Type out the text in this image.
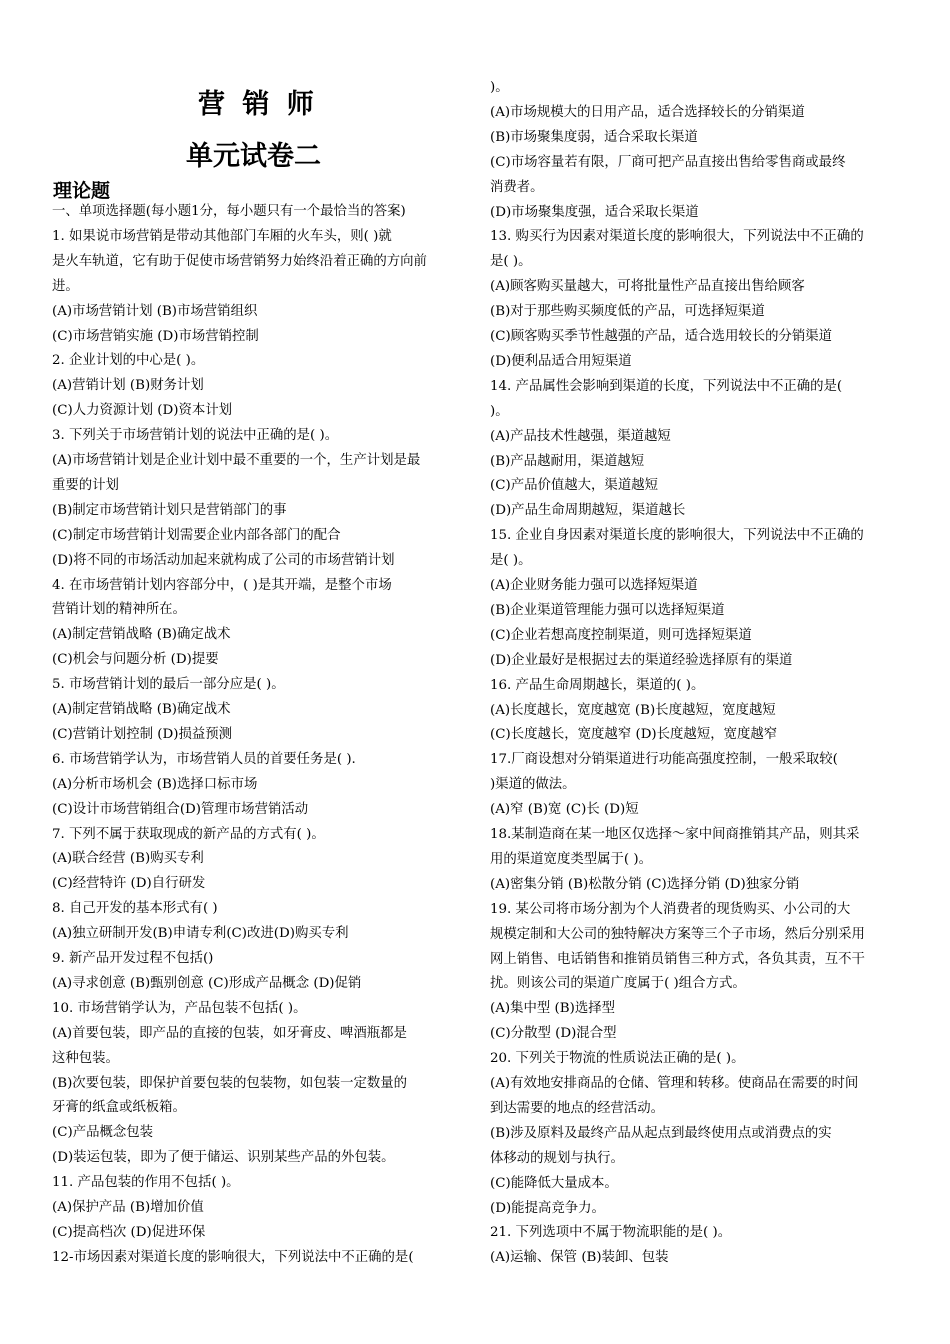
营 销 师
单元试卷二
理论题
一、单项选择题(每小题1分，每小题只有一个最恰当的答案)
1. 如果说市场营销是带动其他部门车厢的火车头，则( )就
是火车轨道，它有助于促使市场营销努力始终沿着正确的方向前
进。
(A)市场营销计划 (B)市场营销组织
(C)市场营销实施 (D)市场营销控制
2. 企业计划的中心是( )。
(A)营销计划 (B)财务计划
(C)人力资源计划 (D)资本计划
3. 下列关于市场营销计划的说法中正确的是( )。
(A)市场营销计划是企业计划中最不重要的一个，生产计划是最
重要的计划
(B)制定市场营销计划只是营销部门的事
(C)制定市场营销计划需要企业内部各部门的配合
(D)将不同的市场活动加起来就构成了公司的市场营销计划
4. 在市场营销计划内容部分中，( )是其开端，是整个市场
营销计划的精神所在。
(A)制定营销战略 (B)确定战术
(C)机会与问题分析 (D)提要
5. 市场营销计划的最后一部分应是( )。
(A)制定营销战略 (B)确定战术
(C)营销计划控制 (D)损益预测
6. 市场营销学认为，市场营销人员的首要任务是( ).
(A)分析市场机会 (B)选择口标市场
(C)设计市场营销组合(D)管理市场营销活动
7. 下列不属于获取现成的新产品的方式有( )。
(A)联合经营 (B)购买专利
(C)经营特许 (D)自行研发
8. 自己开发的基本形式有( )
(A)独立研制开发(B)申请专利(C)改进(D)购买专利
9. 新产品开发过程不包括()
(A)寻求创意 (B)甄别创意 (C)形成产品概念 (D)促销
10. 市场营销学认为，产品包装不包括( )。
(A)首要包装，即产品的直接的包装，如牙膏皮、啤酒瓶都是
这种包装。
(B)次要包装，即保护首要包装的包装物，如包装一定数量的
牙膏的纸盒或纸板箱。
(C)产品概念包装
(D)装运包装，即为了便于储运、识别某些产品的外包装。
11. 产品包装的作用不包括( )。
(A)保护产品 (B)增加价值
(C)提高档次 (D)促进环保
12-市场因素对渠道长度的影响很大，下列说法中不正确的是(
)。
(A)市场规模大的日用产品，适合选择较长的分销渠道
(B)市场聚集度弱，适合采取长渠道
(C)市场容量若有限，厂商可把产品直接出售给零售商或最终
消费者。
(D)市场聚集度强，适合采取长渠道
13. 购买行为因素对渠道长度的影响很大，下列说法中不正确的
是( )。
(A)顾客购买量越大，可将批量性产品直接出售给顾客
(B)对于那些购买频度低的产品，可选择短渠道
(C)顾客购买季节性越强的产品，适合选用较长的分销渠道
(D)便利品适合用短渠道
14. 产品属性会影响到渠道的长度，下列说法中不正确的是(
)。
(A)产品技术性越强，渠道越短
(B)产品越耐用，渠道越短
(C)产品价值越大，渠道越短
(D)产品生命周期越短，渠道越长
15. 企业自身因素对渠道长度的影响很大，下列说法中不正确的
是( )。
(A)企业财务能力强可以选择短渠道
(B)企业渠道管理能力强可以选择短渠道
(C)企业若想高度控制渠道，则可选择短渠道
(D)企业最好是根据过去的渠道经验选择原有的渠道
16. 产品生命周期越长，渠道的( )。
(A)长度越长，宽度越宽 (B)长度越短，宽度越短
(C)长度越长，宽度越窄 (D)长度越短，宽度越窄
17.厂商设想对分销渠道进行功能高强度控制，一般采取较(
)渠道的做法。
(A)窄 (B)宽 (C)长 (D)短
18.某制造商在某一地区仅选择～家中间商推销其产品，则其采
用的渠道宽度类型属于( )。
(A)密集分销 (B)松散分销 (C)选择分销 (D)独家分销
19. 某公司将市场分割为个人消费者的现货购买、小公司的大
规模定制和大公司的独特解决方案等三个子市场，然后分别采用
网上销售、电话销售和推销员销售三种方式，各负其责，互不干
扰。则该公司的渠道广度属于( )组合方式。
(A)集中型 (B)选择型
(C)分散型 (D)混合型
20. 下列关于物流的性质说法正确的是( )。
(A)有效地安排商品的仓储、管理和转移。使商品在需要的时间
到达需要的地点的经营活动。
(B)涉及原料及最终产品从起点到最终使用点或消费点的实
体移动的规划与执行。
(C)能降低大量成本。
(D)能提高竞争力。
21. 下列选项中不属于物流职能的是( )。
(A)运输、保管 (B)装卸、包装
